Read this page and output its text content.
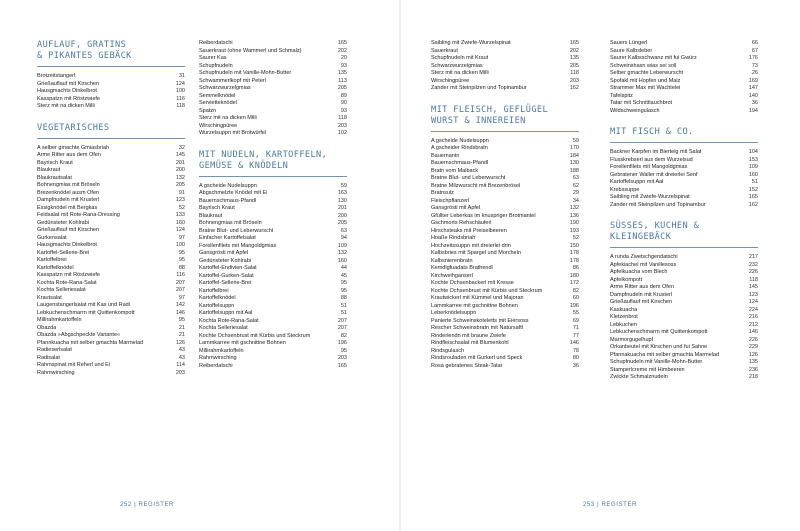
AUFLAUF, GRATINS
& PIKANTES GEBÄCK
Brotzeitstangerl	31
Grießauflauf mit Kirschen	124
Hausgmachts Dinkelbrot	100
Kasspatzn mit Röstzwiefe	116
Sterz mit na dicken Milli	118
VEGETARISCHES
A selber gmachte Gmiasbriah	32
Arme Ritter aus dem Ofen	145
Bayrisch Kraut	201
Blaukraut	200
Blaukrautsalat	132
Bohnengmias mit Bröseln	205
Brezenknödel ausm Ofen	91
Dampfnudeln mit Krusterl	123
Essigknödel mit Bergkas	52
Feldsalat mit Rote-Rana-Dressing	133
Gedünsteter Kohlrabi	160
Grießauflauf mit Kirschen	124
Gurkensalat	97
Hausgmachts Dinkelbrot	100
Kartoffel-Sellerie-Brei	95
Kartoffelbrei	95
Kartoffelknödel	88
Kasspatzn mit Röstzwiefe	116
Kochta Rote-Rana-Salat	207
Kochta Selleriesalat	207
Krautsalat	97
Laugenstangerlsalat mit Kas und Radi	142
Lebkuchenschmarrn mit Quittenkompott	146
Millirahmkartoffeln	95
Obazda	21
Obazda »Abgschpeckte Variante«	21
Pfannkuacha mit selber gmachta Marmelad	126
Radieserlsalat	43
Radisalat	43
Rahmspinat mit Reherl und Ei	114
Rahmwirsching	203
Reiberdatschi	165
Sauerkraut (ohne Wammerl und Schmalz)	202
Saurer Kas	20
Schupfnudeln	93
Schupfnudeln mit Vanille-Mohn-Butter	135
Schwammerlkopf mit Peterl	113
Schwarzwurzelgmias	205
Semmelknödel	89
Servietteknödel	90
Spatzn	93
Sterz mit na dicken Milli	118
Wirschingpüree	203
Wurzelsuppn mit Brotwürfel	102
MIT NUDELN, KARTOFFELN,
GEMÜSE & KNÖDELN
A gscheide Nudelsuppn	59
Abgschmelzte Knödel mit Ei	163
Bauernschmaus-Pfandl	130
Bayrisch Kraut	201
Blaukraut	200
Bohnengmias mit Bröseln	205
Bratne Blut- und Leberwurscht	63
Einfacher Kartoffelsalat	94
Forellenfilets mit Mangoldgmias	109
Gansgrösti mit Apfel	132
Gedünsteter Kohlrabi	160
Kartoffel-Endivien-Salat	44
Kartoffel-Gurken-Salat	45
Kartoffel-Sellerie-Brei	95
Kartoffelbrei	95
Kartoffelknödel	88
Kartoffelsuppn	51
Kartoffelsuppn mit Aal	51
Kochta Rote-Rana-Salat	207
Kochta Selleriesalat	207
Kochte Ochsenbrust mit Kürbis und Steckrum	82
Lammkarree mit gschnittne Bohnen	196
Millirahmkartoffeln	95
Rahmwirsching	203
Reiberdatschi	165
252 | REGISTER
Saibling mit Zwiefe-Wurzelspinat	165
Sauerkraut	202
Schupfnudeln mit Kraut	135
Schwarzwurzelgmias	205
Sterz mit na dicken Milli	118
Wirschingpüree	203
Zander mit Steinpilzen und Topinambur	162
MIT FLEISCH, GEFLÜGEL
WURST & INNEREIEN
A gscheide Nudelsuppn	59
A gscheider Rindsbratn	170
Bauernantn	184
Bauernschmaus-Pfandl	130
Bratn vom Maiback	188
Bratne Blut- und Leberwurscht	63
Bratne Milzwurscht mit Brezenbrösel	62
Bratnsulz	29
Fleischpflanzerl	34
Gansgrösti mit Apfel	132
Gfüllter Leberkas im knuspriger Brotmantel	136
Gschmorts Rehschäuferl	190
Hirschsteaks mit Preiselbeeren	193
Hoaße Rindsbriah	52
Hochzeitssuppn mit dreierlei drin	150
Kalbsbries mit Spargel und Morcheln	178
Kalbsnierenbratn	178
Kemdlgfuadats Brathendl	86
Kirchweihganserl	180
Kochte Ochsenbackerl mit Kresse	172
Kochte Ochsenbrust mit Kürbis und Steckrum	82
Krautwickerl mit Kümmel und Majoran	60
Lammkarree mit gschnittne Bohnen	196
Leberknödelsuppn	55
Panierte Schweinskoteletts mit Eiersoss	69
Rescher Schweinsbratn mit Natursaftl	71
Rinderlendn mit braune Zwiefe	77
Rindfleischsalat mit Blumenkohl	146
Rindsgulasch	78
Rindsrouladen mit Gurkerl und Speck	80
Rosa gebratenes Steak-Tatar	36
Sauers Lüngerl	66
Saure Kalbsleber	67
Saurer Kalbsschwanz mit fui Gwürz	176
Schweinshaxn wias sei soll	73
Selber gmachte Leberwurscht	26
Spofakl mit Hopfen und Malz	169
Strammer Max mit Wachtelei	147
Tafelspitz	140
Tatar mit Schnittlauchbrot	36
Wildschweingulasch	194
MIT FISCH & CO.
Backner Karpfen im Bierteig mit Salat	104
Flusskrebserl aus dem Wurzelsud	153
Forellenfilets mit Mangoldgmias	109
Gebratener Waller mit dreierlei Senf	160
Kartoffelsuppn mit Aal	51
Krebssuppe	152
Saibling mit Zwiefe-Wurzelspinat	165
Zander mit Steinpilzen und Topinambur	162
SÜSSES, KUCHEN & KLEINGEBÄCK
A runda Zwetschgendatschi	217
Apfekiachel mit Vanillesoss	232
Apfelkuacha vom Blech	226
Apfelkompott	118
Arme Ritter aus dem Ofen	145
Dampfnudeln mit Krusterl	123
Grießauflauf mit Kirschen	124
Kaskuacha	224
Kletzenbrot	216
Lebkuchen	212
Lebkuchenschmarrn mit Quittenkompott	146
Marmorgugelhupf	226
Orkanbeutel mit Kirschen und fui Sahne	229
Pfannakuacha mit selber gmachta Marmelad	126
Schupfnudeln mit Vanille-Mohn-Butter	135
Stamperlcreme mit Himbeeren	236
Zwickte Schmalznudeln	218
253 | REGISTER
